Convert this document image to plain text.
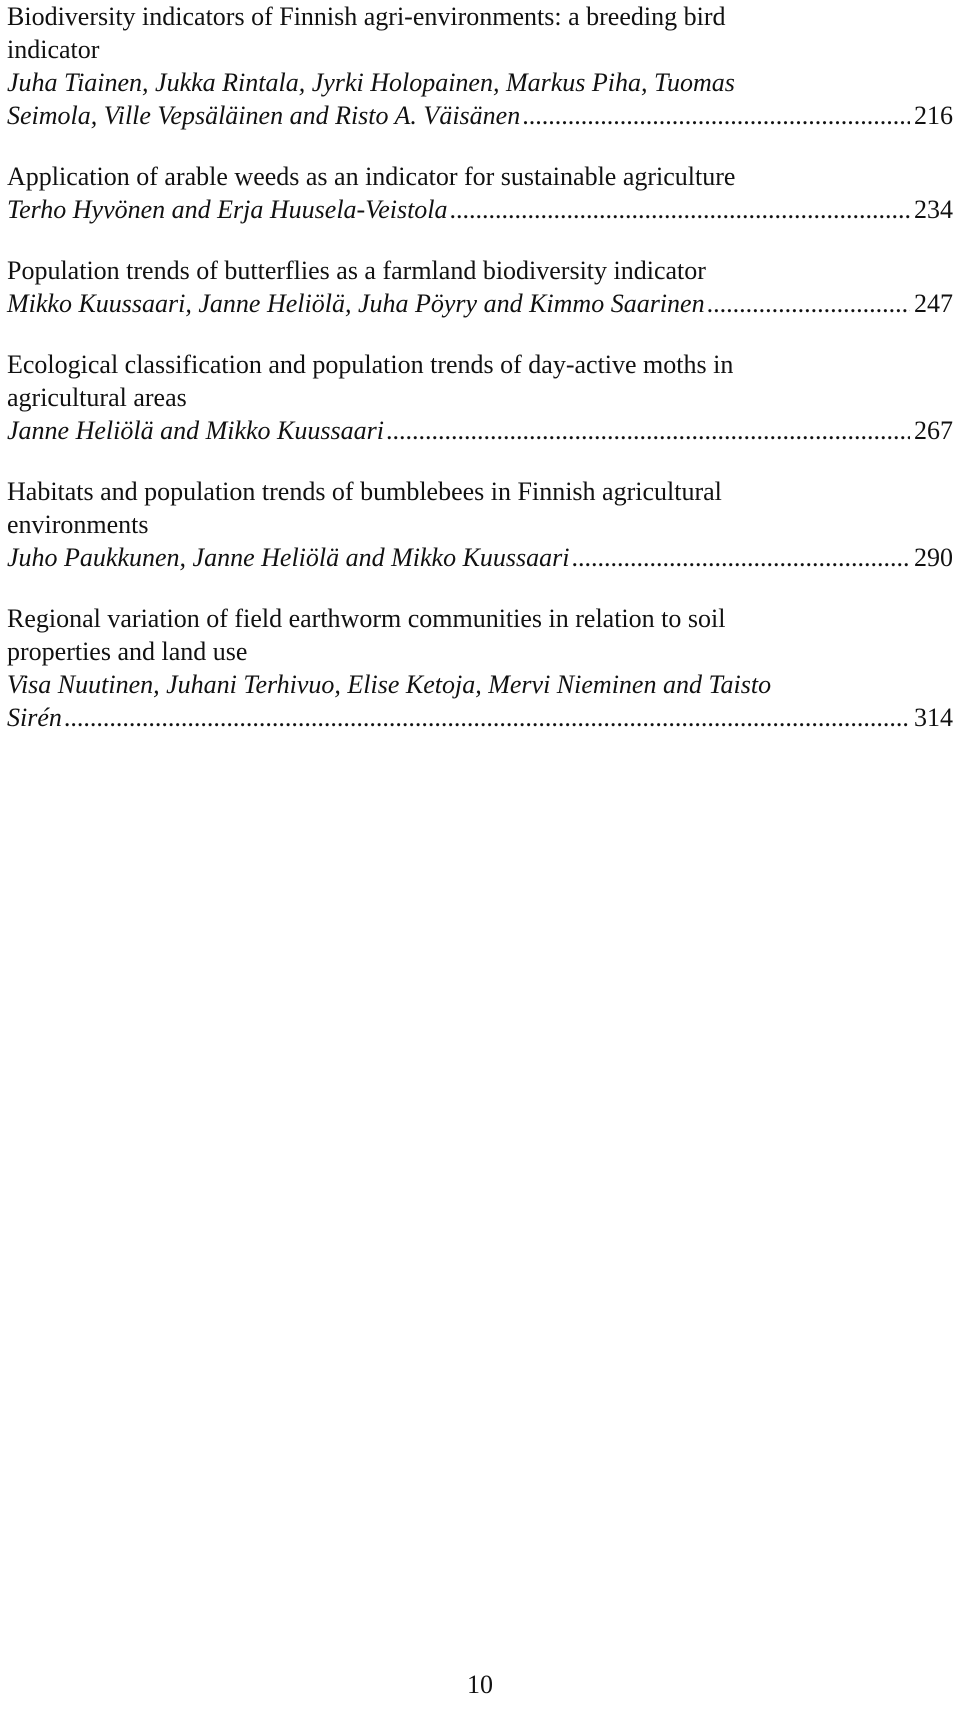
Biodiversity indicators of Finnish agri-environments: a breeding bird
indicator
Juha Tiainen, Jukka Rintala, Jyrki Holopainen, Markus Piha, Tuomas
Seimola, Ville Vepsäläinen and Risto A. Väisänen .....	216
Application of arable weeds as an indicator for sustainable agriculture
Terho Hyvönen and Erja Huusela-Veistola .....	234
Population trends of butterflies as a farmland biodiversity indicator
Mikko Kuussaari, Janne Heliölä, Juha Pöyry and Kimmo Saarinen .....	247
Ecological classification and population trends of day-active moths in
agricultural areas
Janne Heliölä and Mikko Kuussaari .....	267
Habitats and population trends of bumblebees in Finnish agricultural
environments
Juho Paukkunen, Janne Heliölä and Mikko Kuussaari .....	290
Regional variation of field earthworm communities in relation to soil
properties and land use
Visa Nuutinen, Juhani Terhivuo, Elise Ketoja, Mervi Nieminen and Taisto
Sirén .....	314
10
